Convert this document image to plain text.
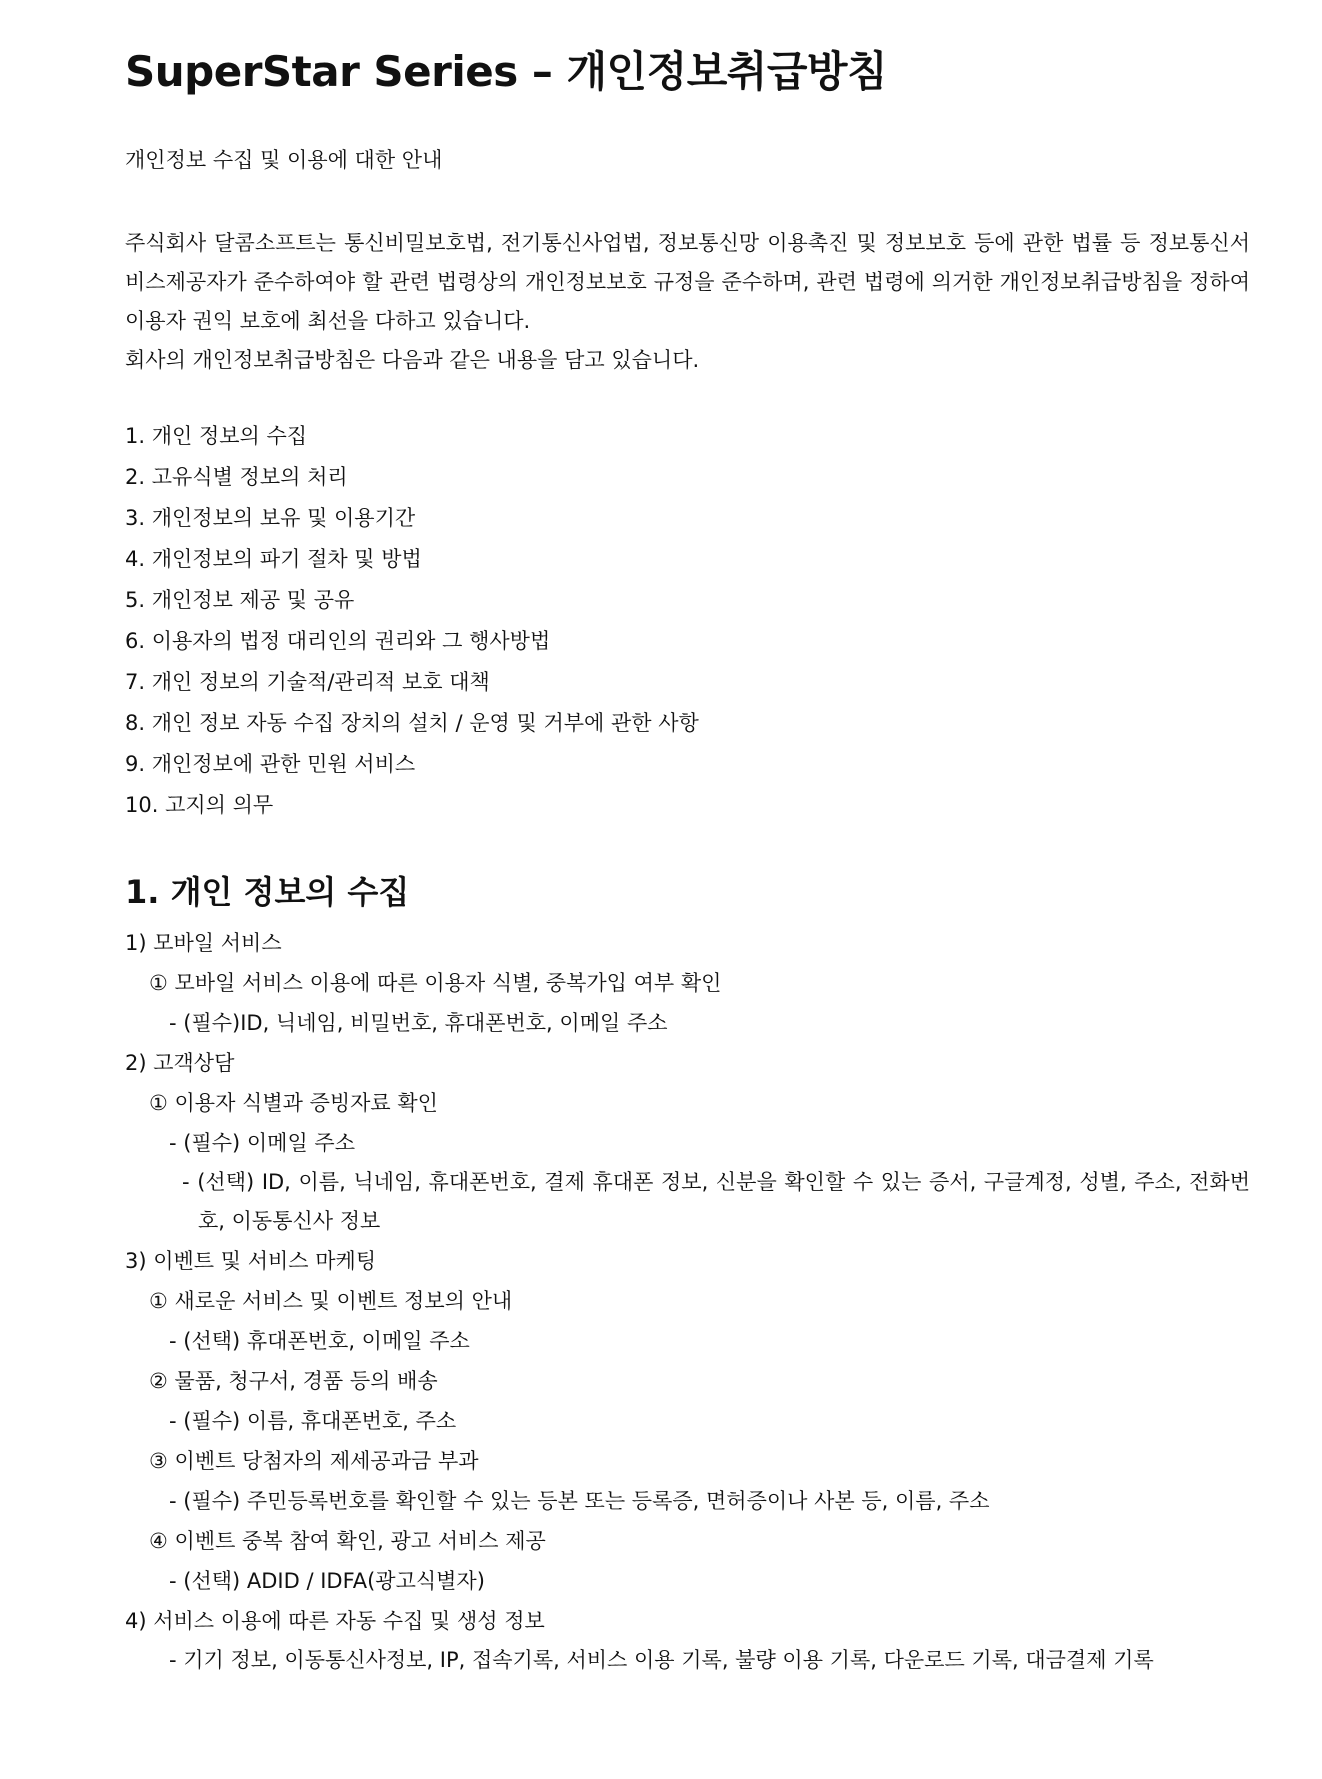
SuperStar Series – 개인정보취급방침
개인정보 수집 및 이용에 대한 안내

주식회사 달콤소프트는 통신비밀보호법, 전기통신사업법, 정보통신망 이용촉진 및 정보보호 등에 관한 법률 등 정보통신서비스제공자가 준수하여야 할 관련 법령상의 개인정보보호 규정을 준수하며, 관련 법령에 의거한 개인정보취급방침을 정하여 이용자 권익 보호에 최선을 다하고 있습니다.

회사의 개인정보취급방침은 다음과 같은 내용을 담고 있습니다.

1. 개인 정보의 수집
2. 고유식별 정보의 처리
3. 개인정보의 보유 및 이용기간
4. 개인정보의 파기 절차 및 방법
5. 개인정보 제공 및 공유
6. 이용자의 법정 대리인의 권리와 그 행사방법
7. 개인 정보의 기술적/관리적 보호 대책
8. 개인 정보 자동 수집 장치의 설치 / 운영 및 거부에 관한 사항
9. 개인정보에 관한 민원 서비스
10. 고지의 의무
1. 개인 정보의 수집
1) 모바일 서비스
① 모바일 서비스 이용에 따른 이용자 식별, 중복가입 여부 확인
- (필수)ID, 닉네임, 비밀번호, 휴대폰번호, 이메일 주소
2) 고객상담
① 이용자 식별과 증빙자료 확인
- (필수) 이메일 주소
- (선택) ID, 이름, 닉네임, 휴대폰번호, 결제 휴대폰 정보, 신분을 확인할 수 있는 증서, 구글계정, 성별, 주소, 전화번호, 이동통신사 정보
3) 이벤트 및 서비스 마케팅
① 새로운 서비스 및 이벤트 정보의 안내
- (선택) 휴대폰번호, 이메일 주소
② 물품, 청구서, 경품 등의 배송
- (필수) 이름, 휴대폰번호, 주소
③ 이벤트 당첨자의 제세공과금 부과
- (필수) 주민등록번호를 확인할 수 있는 등본 또는 등록증, 면허증이나 사본 등, 이름, 주소
④ 이벤트 중복 참여 확인, 광고 서비스 제공
- (선택) ADID / IDFA(광고식별자)
4) 서비스 이용에 따른 자동 수집 및 생성 정보
- 기기 정보, 이동통신사정보, IP, 접속기록, 서비스 이용 기록, 불량 이용 기록, 다운로드 기록, 대금결제 기록
